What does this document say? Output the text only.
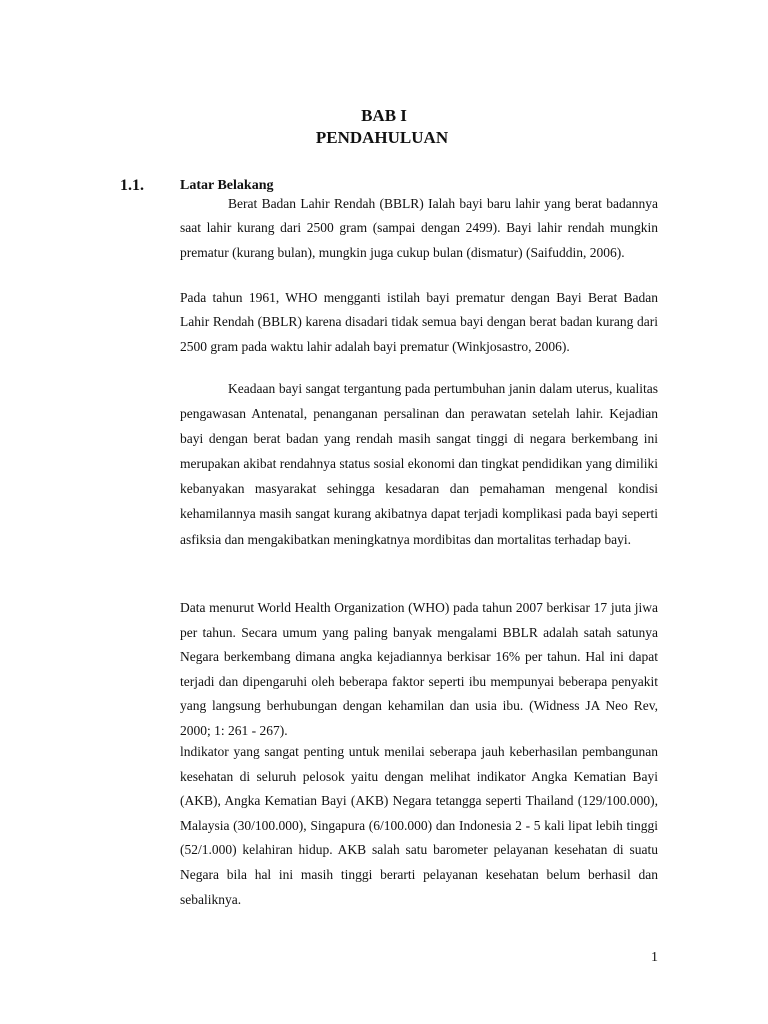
BAB I
PENDAHULUAN
1.1.	Latar Belakang

Berat Badan Lahir Rendah (BBLR) Ialah bayi baru lahir yang berat badannya saat lahir kurang dari 2500 gram (sampai dengan 2499). Bayi lahir rendah mungkin prematur (kurang bulan), mungkin juga cukup bulan (dismatur) (Saifuddin, 2006).

Pada tahun 1961, WHO mengganti istilah bayi prematur dengan Bayi Berat Badan Lahir Rendah (BBLR) karena disadari tidak semua bayi dengan berat badan kurang dari 2500 gram pada waktu lahir adalah bayi prematur (Winkjosastro, 2006).

Keadaan bayi sangat tergantung pada pertumbuhan janin dalam uterus, kualitas pengawasan Antenatal, penanganan persalinan dan perawatan setelah lahir. Kejadian bayi dengan berat badan yang rendah masih sangat tinggi di negara berkembang ini merupakan akibat rendahnya status sosial ekonomi dan tingkat pendidikan yang dimiliki kebanyakan masyarakat sehingga kesadaran dan pemahaman mengenal kondisi kehamilannya masih sangat kurang akibatnya dapat terjadi komplikasi pada bayi seperti asfiksia dan mengakibatkan meningkatnya mordibitas dan mortalitas terhadap bayi.

Data menurut World Health Organization (WHO) pada tahun 2007 berkisar 17 juta jiwa per tahun. Secara umum yang paling banyak mengalami BBLR adalah satah satunya Negara berkembang dimana angka kejadiannya berkisar 16% per tahun. Hal ini dapat terjadi dan dipengaruhi oleh beberapa faktor seperti ibu mempunyai beberapa penyakit yang langsung berhubungan dengan kehamilan dan usia ibu. (Widness JA Neo Rev, 2000; 1: 261 - 267).

lndikator yang sangat penting untuk menilai seberapa jauh keberhasilan pembangunan kesehatan di seluruh pelosok yaitu dengan melihat indikator Angka Kematian Bayi (AKB), Angka Kematian Bayi (AKB) Negara tetangga seperti Thailand (129/100.000), Malaysia (30/100.000), Singapura (6/100.000) dan Indonesia 2 - 5 kali lipat lebih tinggi (52/1.000) kelahiran hidup. AKB salah satu barometer pelayanan kesehatan di suatu Negara bila hal ini masih tinggi berarti pelayanan kesehatan belum berhasil dan sebaliknya.

1
